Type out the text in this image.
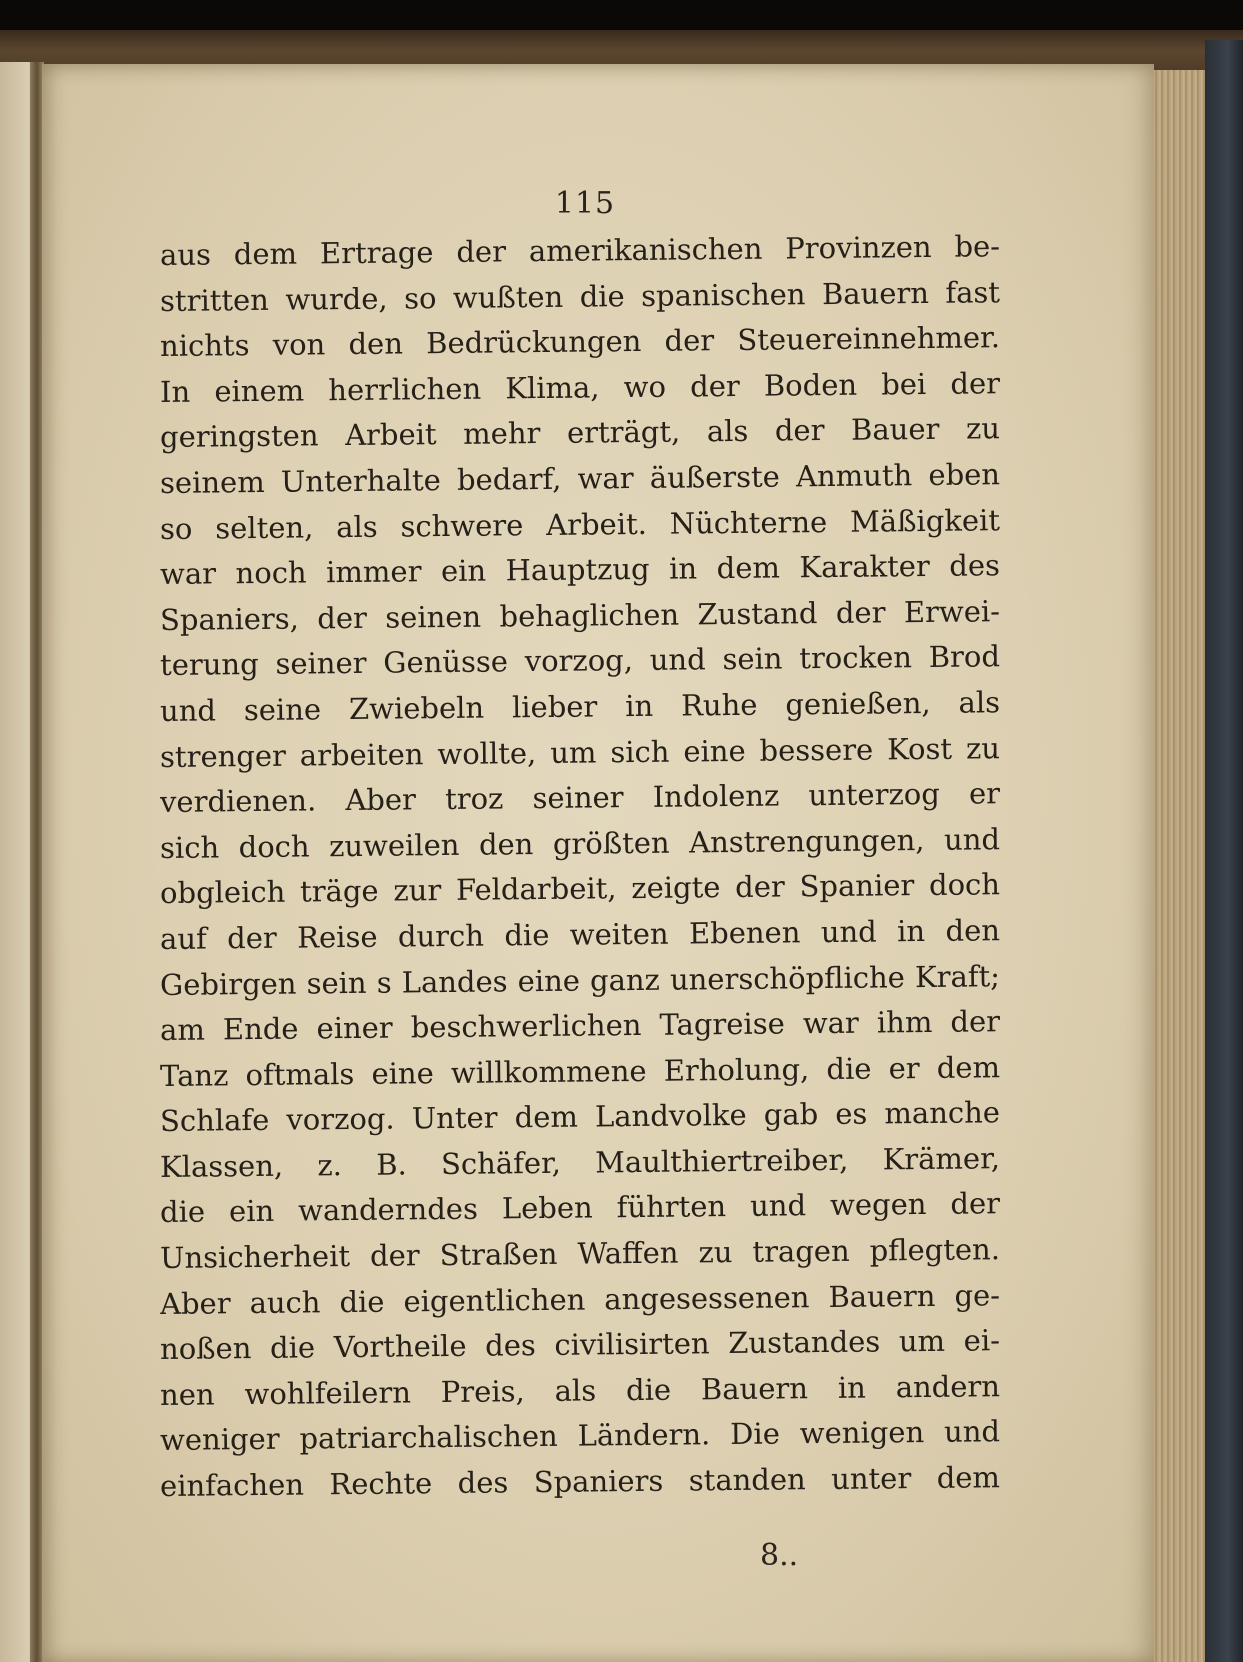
115
aus dem Ertrage der amerikanischen Provinzen be-
stritten wurde, so wußten die spanischen Bauern fast
nichts von den Bedrückungen der Steuereinnehmer.
In einem herrlichen Klima, wo der Boden bei der
geringsten Arbeit mehr erträgt, als der Bauer zu
seinem Unterhalte bedarf, war äußerste Anmuth eben
so selten, als schwere Arbeit. Nüchterne Mäßigkeit
war noch immer ein Hauptzug in dem Karakter des
Spaniers, der seinen behaglichen Zustand der Erwei-
terung seiner Genüsse vorzog, und sein trocken Brod
und seine Zwiebeln lieber in Ruhe genießen, als
strenger arbeiten wollte, um sich eine bessere Kost zu
verdienen. Aber troz seiner Indolenz unterzog er
sich doch zuweilen den größten Anstrengungen, und
obgleich träge zur Feldarbeit, zeigte der Spanier doch
auf der Reise durch die weiten Ebenen und in den
Gebirgen sein s Landes eine ganz unerschöpfliche Kraft;
am Ende einer beschwerlichen Tagreise war ihm der
Tanz oftmals eine willkommene Erholung, die er dem
Schlafe vorzog. Unter dem Landvolke gab es manche
Klassen, z. B. Schäfer, Maulthiertreiber, Krämer,
die ein wanderndes Leben führten und wegen der
Unsicherheit der Straßen Waffen zu tragen pflegten.
Aber auch die eigentlichen angesessenen Bauern ge-
noßen die Vortheile des civilisirten Zustandes um ei-
nen wohlfeilern Preis, als die Bauern in andern
weniger patriarchalischen Ländern. Die wenigen und
einfachen Rechte des Spaniers standen unter dem
8..
